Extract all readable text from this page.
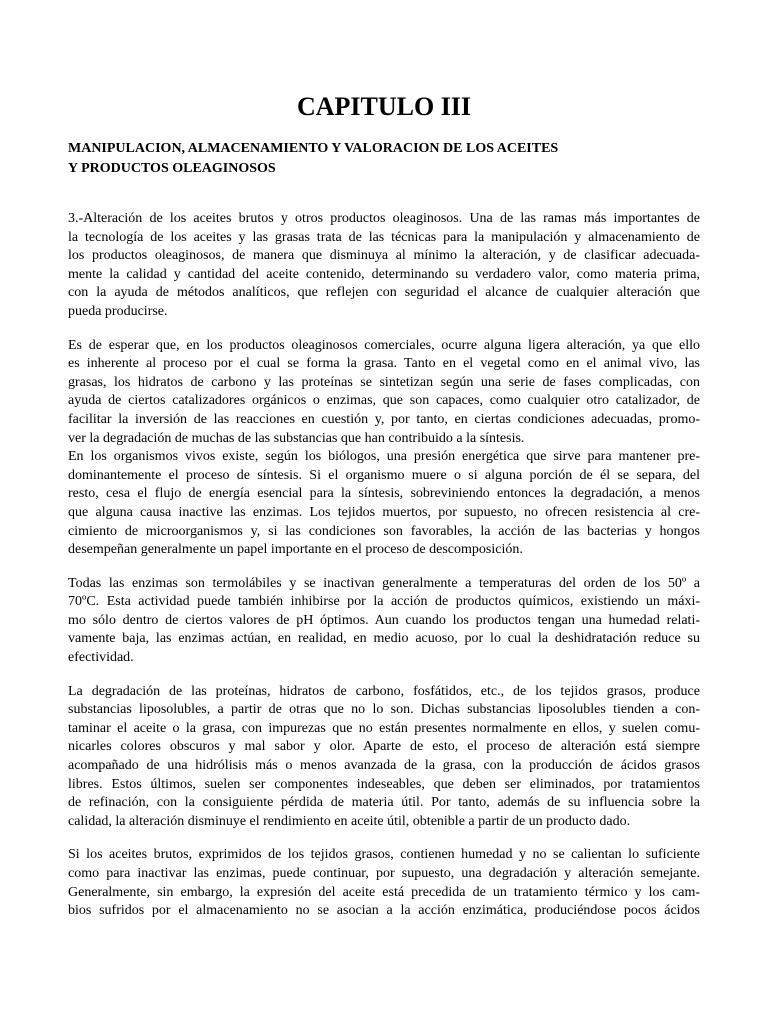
CAPITULO III
MANIPULACION, ALMACENAMIENTO Y VALORACION DE LOS ACEITES
Y PRODUCTOS OLEAGINOSOS
3.-Alteración de los aceites brutos y otros productos oleaginosos. Una de las ramas más importantes de
la tecnología de los aceites y las grasas trata de las técnicas para la manipulación y almacenamiento de
los productos oleaginosos, de manera que disminuya al mínimo la alteración, y de clasificar adecuada-
mente la calidad y cantidad del aceite contenido, determinando su verdadero valor, como materia prima,
con la ayuda de métodos analíticos, que reflejen con seguridad el alcance de cualquier alteración que
pueda producirse.
Es de esperar que, en los productos oleaginosos comerciales, ocurre alguna ligera alteración, ya que ello
es inherente al proceso por el cual se forma la grasa. Tanto en el vegetal como en el animal vivo, las
grasas, los hidratos de carbono y las proteínas se sintetizan según una serie de fases complicadas, con
ayuda de ciertos catalizadores orgánicos o enzimas, que son capaces, como cualquier otro catalizador, de
facilitar la inversión de las reacciones en cuestión y, por tanto, en ciertas condiciones adecuadas, promo-
ver la degradación de muchas de las substancias que han contribuido a la síntesis.
En los organismos vivos existe, según los biólogos, una presión energética que sirve para mantener pre-
dominantemente el proceso de síntesis. Si el organismo muere o si alguna porción de él se separa, del
resto, cesa el flujo de energía esencial para la síntesis, sobreviniendo entonces la degradación, a menos
que alguna causa inactive las enzimas. Los tejidos muertos, por supuesto, no ofrecen resistencia al cre-
cimiento de microorganismos y, si las condiciones son favorables, la acción de las bacterias y hongos
desempeñan generalmente un papel importante en el proceso de descomposición.
Todas las enzimas son termolábiles y se inactivan generalmente a temperaturas del orden de los 50º a
70ºC. Esta actividad puede también inhibirse por la acción de productos químicos, existiendo un máxi-
mo sólo dentro de ciertos valores de pH óptimos. Aun cuando los productos tengan una humedad relati-
vamente baja, las enzimas actúan, en realidad, en medio acuoso, por lo cual la deshidratación reduce su
efectividad.
La degradación de las proteínas, hidratos de carbono, fosfátidos, etc., de los tejidos grasos, produce
substancias liposolubles, a partir de otras que no lo son. Dichas substancias liposolubles tienden a con-
taminar el aceite o la grasa, con impurezas que no están presentes normalmente en ellos, y suelen comu-
nicarles colores obscuros y mal sabor y olor. Aparte de esto, el proceso de alteración está siempre
acompañado de una hidrólisis más o menos avanzada de la grasa, con la producción de ácidos grasos
libres. Estos últimos, suelen ser componentes indeseables, que deben ser eliminados, por tratamientos
de refinación, con la consiguiente pérdida de materia útil. Por tanto, además de su influencia sobre la
calidad, la alteración disminuye el rendimiento en aceite útil, obtenible a partir de un producto dado.
Si los aceites brutos, exprimidos de los tejidos grasos, contienen humedad y no se calientan lo suficiente
como para inactivar las enzimas, puede continuar, por supuesto, una degradación y alteración semejante.
Generalmente, sin embargo, la expresión del aceite está precedida de un tratamiento térmico y los cam-
bios sufridos por el almacenamiento no se asocian a la acción enzimática, produciéndose pocos ácidos
